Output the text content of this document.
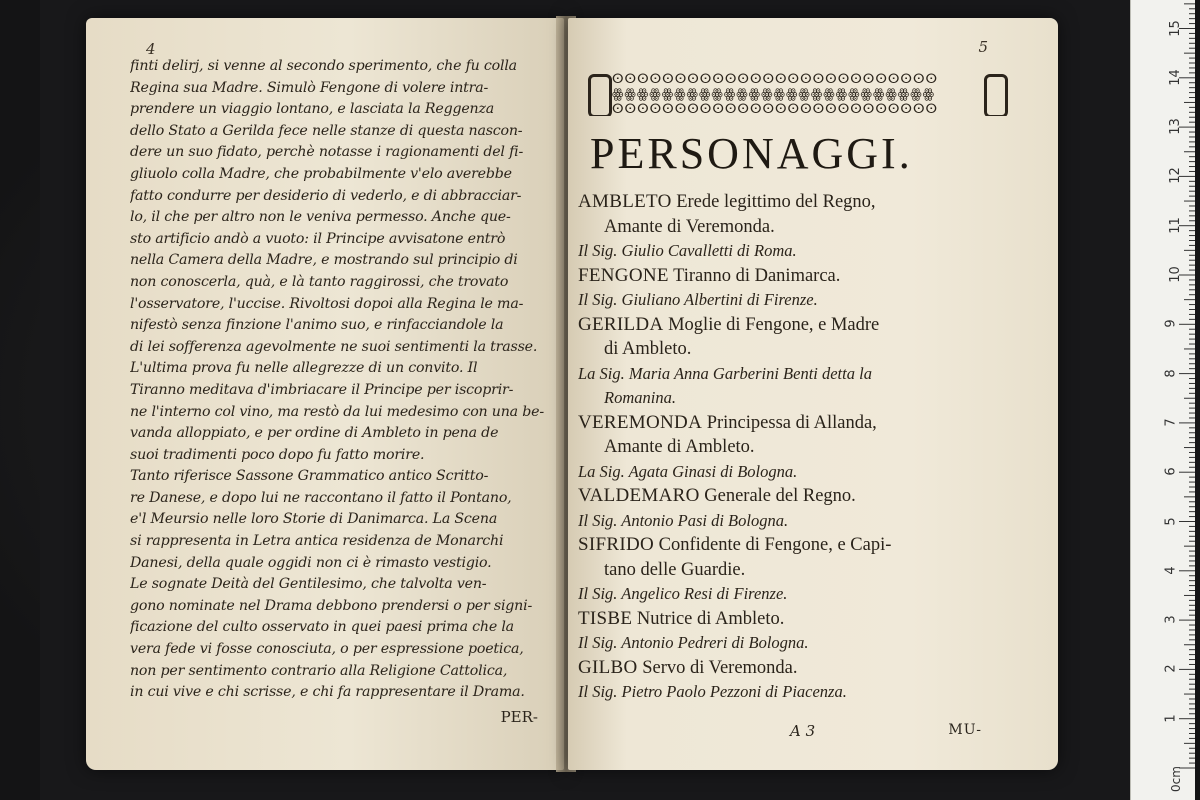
4
finti delirj, si venne al secondo sperimento, che fu colla
Regina sua Madre. Simulò Fengone di volere intra-
prendere un viaggio lontano, e lasciata la Reggenza
dello Stato a Gerilda fece nelle stanze di questa nascon-
dere un suo fidato, perchè notasse i ragionamenti del fi-
gliuolo colla Madre, che probabilmente v'elo averebbe
fatto condurre per desiderio di vederlo, e di abbracciar-
lo, il che per altro non le veniva permesso. Anche que-
sto artificio andò a vuoto: il Principe avvisatone entrò
nella Camera della Madre, e mostrando sul principio di
non conoscerla, quà, e là tanto raggirossi, che trovato
l'osservatore, l'uccise. Rivoltosi dopoi alla Regina le ma-
nifestò senza finzione l'animo suo, e rinfacciandole la
di lei sofferenza agevolmente ne suoi sentimenti la trasse.
L'ultima prova fu nelle allegrezze di un convito. Il
Tiranno meditava d'imbriacare il Principe per iscoprir-
ne l'interno col vino, ma restò da lui medesimo con una be-
vanda alloppiato, e per ordine di Ambleto in pena de
suoi tradimenti poco dopo fu fatto morire.
Tanto riferisce Sassone Grammatico antico Scritto-
re Danese, e dopo lui ne raccontano il fatto il Pontano,
e'l Meursio nelle loro Storie di Danimarca. La Scena
si rappresenta in Letra antica residenza de Monarchi
Danesi, della quale oggidi non ci è rimasto vestigio.
Le sognate Deità del Gentilesimo, che talvolta ven-
gono nominate nel Drama debbono prendersi o per signi-
ficazione del culto osservato in quei paesi prima che la
vera fede vi fosse conosciuta, o per espressione poetica,
non per sentimento contrario alla Religione Cattolica,
in cui vive e chi scrisse, e chi fa rappresentare il Drama.
PER-
5
ⵙⵙⵙⵙⵙⵙⵙⵙⵙⵙⵙⵙⵙⵙⵙⵙⵙⵙⵙⵙⵙⵙⵙⵙⵙⵙ
ꙮꙮꙮꙮꙮꙮꙮꙮꙮꙮꙮꙮꙮꙮꙮꙮꙮꙮꙮꙮꙮꙮꙮꙮꙮꙮ
ⵙⵙⵙⵙⵙⵙⵙⵙⵙⵙⵙⵙⵙⵙⵙⵙⵙⵙⵙⵙⵙⵙⵙⵙⵙⵙ
PERSONAGGI.
AMBLETO Erede legittimo del Regno,
Amante di Veremonda.
Il Sig. Giulio Cavalletti di Roma.
FENGONE Tiranno di Danimarca.
Il Sig. Giuliano Albertini di Firenze.
GERILDA Moglie di Fengone, e Madre
di Ambleto.
La Sig. Maria Anna Garberini Benti detta la
Romanina.
VEREMONDA Principessa di Allanda,
Amante di Ambleto.
La Sig. Agata Ginasi di Bologna.
VALDEMARO Generale del Regno.
Il Sig. Antonio Pasi di Bologna.
SIFRIDO Confidente di Fengone, e Capi-
tano delle Guardie.
Il Sig. Angelico Resi di Firenze.
TISBE Nutrice di Ambleto.
Il Sig. Antonio Pedreri di Bologna.
GILBO Servo di Veremonda.
Il Sig. Pietro Paolo Pezzoni di Piacenza.
A 3	MU-
15
14
13
12
11
10
9
8
7
6
5
4
3
2
1
0cm
